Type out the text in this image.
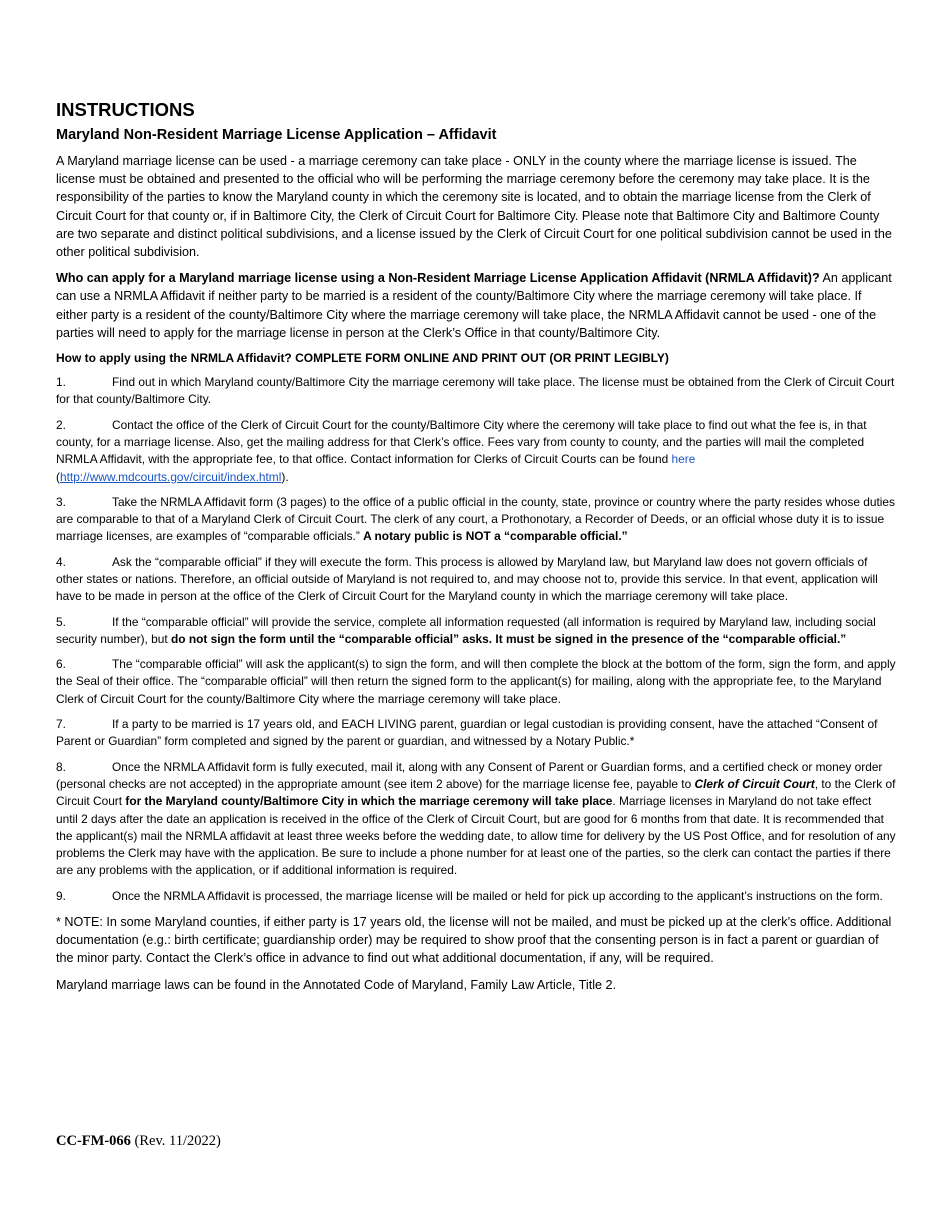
INSTRUCTIONS
Maryland Non-Resident Marriage License Application – Affidavit

A Maryland marriage license can be used - a marriage ceremony can take place - ONLY in the county where the marriage license is issued. The license must be obtained and presented to the official who will be performing the marriage ceremony before the ceremony may take place. It is the responsibility of the parties to know the Maryland county in which the ceremony site is located, and to obtain the marriage license from the Clerk of Circuit Court for that county or, if in Baltimore City, the Clerk of Circuit Court for Baltimore City. Please note that Baltimore City and Baltimore County are two separate and distinct political subdivisions, and a license issued by the Clerk of Circuit Court for one political subdivision cannot be used in the other political subdivision.

Who can apply for a Maryland marriage license using a Non-Resident Marriage License Application Affidavit (NRMLA Affidavit)? An applicant can use a NRMLA Affidavit if neither party to be married is a resident of the county/Baltimore City where the marriage ceremony will take place. If either party is a resident of the county/Baltimore City where the marriage ceremony will take place, the NRMLA Affidavit cannot be used - one of the parties will need to apply for the marriage license in person at the Clerk’s Office in that county/Baltimore City.

How to apply using the NRMLA Affidavit? COMPLETE FORM ONLINE AND PRINT OUT (OR PRINT LEGIBLY)

1.	Find out in which Maryland county/Baltimore City the marriage ceremony will take place. The license must be obtained from the Clerk of Circuit Court for that county/Baltimore City.

2.	Contact the office of the Clerk of Circuit Court for the county/Baltimore City where the ceremony will take place to find out what the fee is, in that county, for a marriage license. Also, get the mailing address for that Clerk’s office. Fees vary from county to county, and the parties will mail the completed NRMLA Affidavit, with the appropriate fee, to that office. Contact information for Clerks of Circuit Courts can be found here (http://www.mdcourts.gov/circuit/index.html).

3.	Take the NRMLA Affidavit form (3 pages) to the office of a public official in the county, state, province or country where the party resides whose duties are comparable to that of a Maryland Clerk of Circuit Court. The clerk of any court, a Prothonotary, a Recorder of Deeds, or an official whose duty it is to issue marriage licenses, are examples of “comparable officials.” A notary public is NOT a “comparable official.”

4.	Ask the “comparable official” if they will execute the form. This process is allowed by Maryland law, but Maryland law does not govern officials of other states or nations. Therefore, an official outside of Maryland is not required to, and may choose not to, provide this service. In that event, application will have to be made in person at the office of the Clerk of Circuit Court for the Maryland county in which the marriage ceremony will take place.

5.	If the “comparable official” will provide the service, complete all information requested (all information is required by Maryland law, including social security number), but do not sign the form until the “comparable official” asks. It must be signed in the presence of the “comparable official.”

6.	The “comparable official” will ask the applicant(s) to sign the form, and will then complete the block at the bottom of the form, sign the form, and apply the Seal of their office. The “comparable official” will then return the signed form to the applicant(s) for mailing, along with the appropriate fee, to the Maryland Clerk of Circuit Court for the county/Baltimore City where the marriage ceremony will take place.

7.	If a party to be married is 17 years old, and EACH LIVING parent, guardian or legal custodian is providing consent, have the attached “Consent of Parent or Guardian” form completed and signed by the parent or guardian, and witnessed by a Notary Public.*

8.	Once the NRMLA Affidavit form is fully executed, mail it, along with any Consent of Parent or Guardian forms, and a certified check or money order (personal checks are not accepted) in the appropriate amount (see item 2 above) for the marriage license fee, payable to Clerk of Circuit Court, to the Clerk of Circuit Court for the Maryland county/Baltimore City in which the marriage ceremony will take place. Marriage licenses in Maryland do not take effect until 2 days after the date an application is received in the office of the Clerk of Circuit Court, but are good for 6 months from that date. It is recommended that the applicant(s) mail the NRMLA affidavit at least three weeks before the wedding date, to allow time for delivery by the US Post Office, and for resolution of any problems the Clerk may have with the application. Be sure to include a phone number for at least one of the parties, so the clerk can contact the parties if there are any problems with the application, or if additional information is required.

9.	Once the NRMLA Affidavit is processed, the marriage license will be mailed or held for pick up according to the applicant’s instructions on the form.

* NOTE: In some Maryland counties, if either party is 17 years old, the license will not be mailed, and must be picked up at the clerk’s office. Additional documentation (e.g.: birth certificate; guardianship order) may be required to show proof that the consenting person is in fact a parent or guardian of the minor party. Contact the Clerk’s office in advance to find out what additional documentation, if any, will be required.

Maryland marriage laws can be found in the Annotated Code of Maryland, Family Law Article, Title 2.

CC-FM-066 (Rev. 11/2022)
